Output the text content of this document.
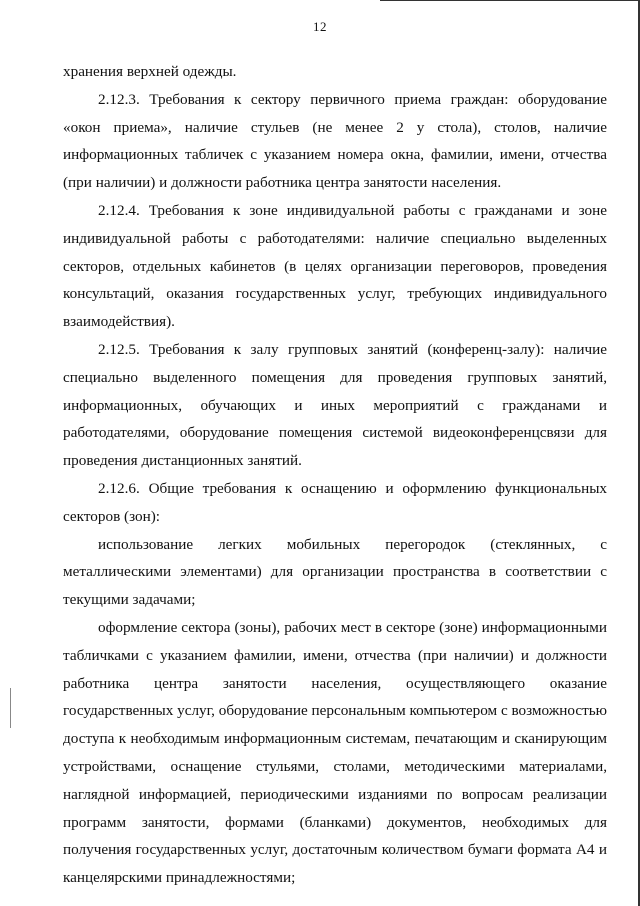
12

хранения верхней одежды.

2.12.3. Требования к сектору первичного приема граждан: оборудование «окон приема», наличие стульев (не менее 2 у стола), столов, наличие информационных табличек с указанием номера окна, фамилии, имени, отчества (при наличии) и должности работника центра занятости населения.

2.12.4. Требования к зоне индивидуальной работы с гражданами и зоне индивидуальной работы с работодателями: наличие специально выделенных секторов, отдельных кабинетов (в целях организации переговоров, проведения консультаций, оказания государственных услуг, требующих индивидуального взаимодействия).

2.12.5. Требования к залу групповых занятий (конференц-залу): наличие специально выделенного помещения для проведения групповых занятий, информационных, обучающих и иных мероприятий с гражданами и работодателями, оборудование помещения системой видеоконференцсвязи для проведения дистанционных занятий.

2.12.6. Общие требования к оснащению и оформлению функциональных секторов (зон):

использование легких мобильных перегородок (стеклянных, с металлическими элементами) для организации пространства в соответствии с текущими задачами;

оформление сектора (зоны), рабочих мест в секторе (зоне) информационными табличками с указанием фамилии, имени, отчества (при наличии) и должности работника центра занятости населения, осуществляющего оказание государственных услуг, оборудование персональным компьютером с возможностью доступа к необходимым информационным системам, печатающим и сканирующим устройствами, оснащение стульями, столами, методическими материалами, наглядной информацией, периодическими изданиями по вопросам реализации программ занятости, формами (бланками) документов, необходимых для получения государственных услуг, достаточным количеством бумаги формата А4 и канцелярскими принадлежностями;
